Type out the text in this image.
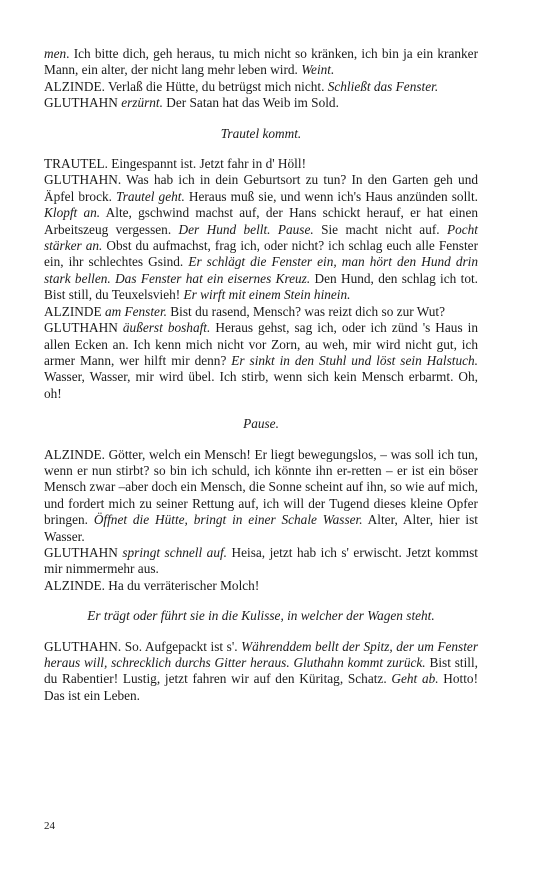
men. Ich bitte dich, geh heraus, tu mich nicht so kränken, ich bin ja ein kranker Mann, ein alter, der nicht lang mehr leben wird. Weint.

ALZINDE. Verlaß die Hütte, du betrügst mich nicht. Schließt das Fenster.

GLUTHAHN erzürnt. Der Satan hat das Weib im Sold.

Trautel kommt.

TRAUTEL. Eingespannt ist. Jetzt fahr in d' Höll!

GLUTHAHN. Was hab ich in dein Geburtsort zu tun? In den Garten geh und Äpfel brock. Trautel geht. Heraus muß sie, und wenn ich's Haus anzünden sollt. Klopft an. Alte, gschwind machst auf, der Hans schickt herauf, er hat einen Arbeitszeug vergessen. Der Hund bellt. Pause. Sie macht nicht auf. Pocht stärker an. Obst du aufmachst, frag ich, oder nicht? ich schlag euch alle Fenster ein, ihr schlechtes Gsind. Er schlägt die Fenster ein, man hört den Hund drin stark bellen. Das Fenster hat ein eisernes Kreuz. Den Hund, den schlag ich tot. Bist still, du Teuxelsvieh! Er wirft mit einem Stein hinein.

ALZINDE am Fenster. Bist du rasend, Mensch? was reizt dich so zur Wut?

GLUTHAHN äußerst boshaft. Heraus gehst, sag ich, oder ich zünd 's Haus in allen Ecken an. Ich kenn mich nicht vor Zorn, au weh, mir wird nicht gut, ich armer Mann, wer hilft mir denn? Er sinkt in den Stuhl und löst sein Halstuch. Wasser, Wasser, mir wird übel. Ich stirb, wenn sich kein Mensch erbarmt. Oh, oh!

Pause.

ALZINDE. Götter, welch ein Mensch! Er liegt bewegungslos, – was soll ich tun, wenn er nun stirbt? so bin ich schuld, ich könnte ihn er-retten – er ist ein böser Mensch zwar –aber doch ein Mensch, die Sonne scheint auf ihn, so wie auf mich, und fordert mich zu seiner Rettung auf, ich will der Tugend dieses kleine Opfer bringen. Öffnet die Hütte, bringt in einer Schale Wasser. Alter, Alter, hier ist Wasser.

GLUTHAHN springt schnell auf. Heisa, jetzt hab ich s' erwischt. Jetzt kommst mir nimmermehr aus.

ALZINDE. Ha du verräterischer Molch!

Er trägt oder führt sie in die Kulisse, in welcher der Wagen steht.

GLUTHAHN. So. Aufgepackt ist s'. Währenddem bellt der Spitz, der um Fenster heraus will, schrecklich durchs Gitter heraus. Gluthahn kommt zurück. Bist still, du Rabentier! Lustig, jetzt fahren wir auf den Küritag, Schatz. Geht ab. Hotto! Das ist ein Leben.

24
